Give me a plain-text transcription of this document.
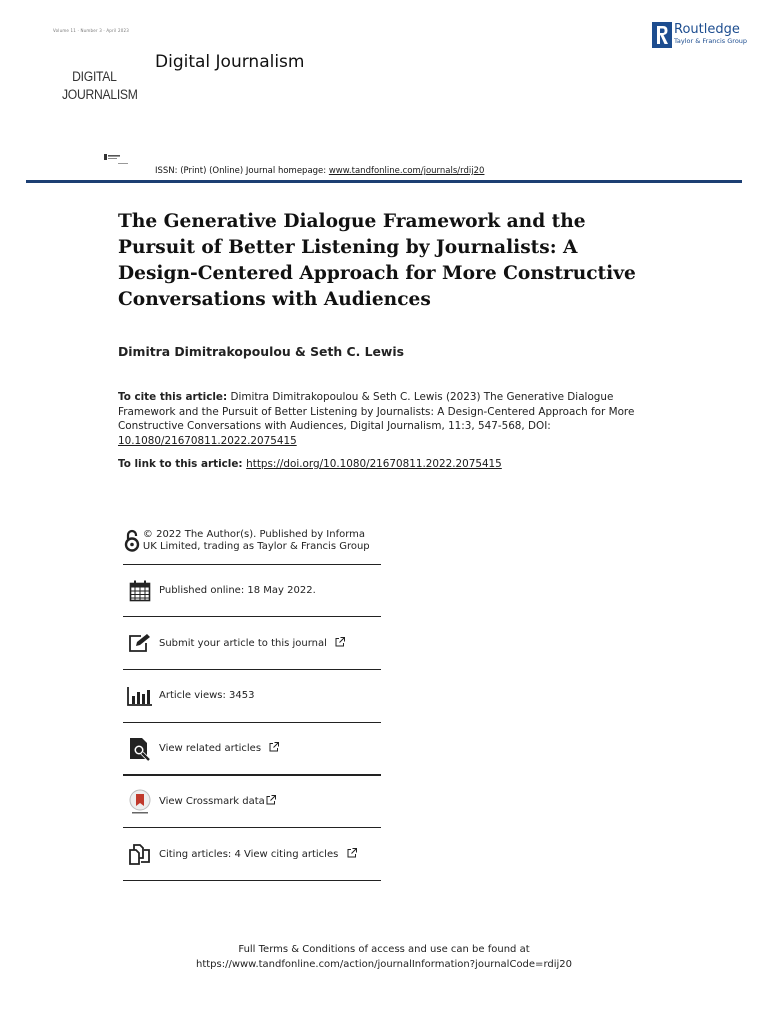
Volume 11 · Number 3 · April 2023
DIGITAL
JOURNALISM
Digital Journalism
Routledge
Taylor & Francis Group
ISSN: (Print) (Online) Journal homepage: www.tandfonline.com/journals/rdij20
The Generative Dialogue Framework and the Pursuit of Better Listening by Journalists: A Design-Centered Approach for More Constructive Conversations with Audiences
Dimitra Dimitrakopoulou & Seth C. Lewis
To cite this article: Dimitra Dimitrakopoulou & Seth C. Lewis (2023) The Generative Dialogue Framework and the Pursuit of Better Listening by Journalists: A Design-Centered Approach for More Constructive Conversations with Audiences, Digital Journalism, 11:3, 547-568, DOI: 10.1080/21670811.2022.2075415
To link to this article: https://doi.org/10.1080/21670811.2022.2075415
© 2022 The Author(s). Published by Informa UK Limited, trading as Taylor & Francis Group
Published online: 18 May 2022.
Submit your article to this journal
Article views: 3453
View related articles
View Crossmark data
Citing articles: 4 View citing articles
Full Terms & Conditions of access and use can be found at
https://www.tandfonline.com/action/journalInformation?journalCode=rdij20
